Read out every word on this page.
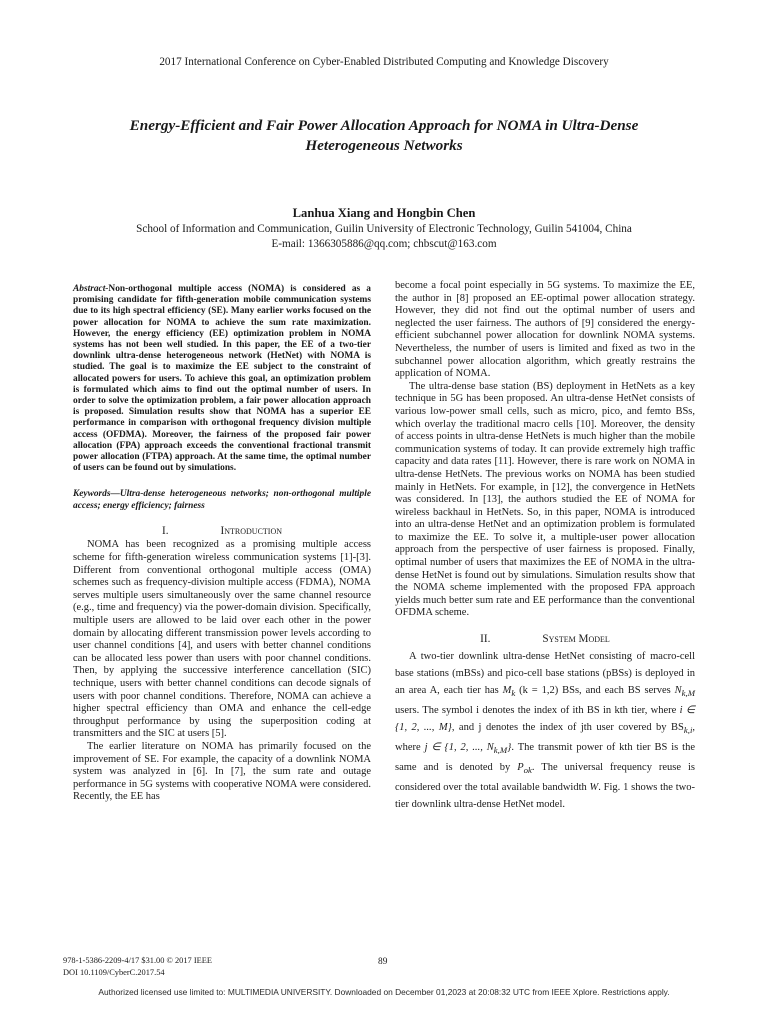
2017 International Conference on Cyber-Enabled Distributed Computing and Knowledge Discovery
Energy-Efficient and Fair Power Allocation Approach for NOMA in Ultra-Dense
Heterogeneous Networks
Lanhua Xiang and Hongbin Chen
School of Information and Communication, Guilin University of Electronic Technology, Guilin 541004, China
E-mail: 1366305886@qq.com; chbscut@163.com
Abstract-Non-orthogonal multiple access (NOMA) is considered as a promising candidate for fifth-generation mobile communication systems due to its high spectral efficiency (SE). Many earlier works focused on the power allocation for NOMA to achieve the sum rate maximization. However, the energy efficiency (EE) optimization problem in NOMA systems has not been well studied. In this paper, the EE of a two-tier downlink ultra-dense heterogeneous network (HetNet) with NOMA is studied. The goal is to maximize the EE subject to the constraint of allocated powers for users. To achieve this goal, an optimization problem is formulated which aims to find out the optimal number of users. In order to solve the optimization problem, a fair power allocation approach is proposed. Simulation results show that NOMA has a superior EE performance in comparison with orthogonal frequency division multiple access (OFDMA). Moreover, the fairness of the proposed fair power allocation (FPA) approach exceeds the conventional fractional transmit power allocation (FTPA) approach. At the same time, the optimal number of users can be found out by simulations.
Keywords—Ultra-dense heterogeneous networks; non-orthogonal multiple access; energy efficiency; fairness
I.	Introduction

NOMA has been recognized as a promising multiple access scheme for fifth-generation wireless communication systems [1]-[3]. Different from conventional orthogonal multiple access (OMA) schemes such as frequency-division multiple access (FDMA), NOMA serves multiple users simultaneously over the same channel resource (e.g., time and frequency) via the power-domain division. Specifically, multiple users are allowed to be laid over each other in the power domain by allocating different transmission power levels according to user channel conditions [4], and users with better channel conditions can be allocated less power than users with poor channel conditions. Then, by applying the successive interference cancellation (SIC) technique, users with better channel conditions can decode signals of users with poor channel conditions. Therefore, NOMA can achieve a higher spectral efficiency than OMA and enhance the cell-edge throughput performance by using the superposition coding at transmitters and the SIC at users [5].

The earlier literature on NOMA has primarily focused on the improvement of SE. For example, the capacity of a downlink NOMA system was analyzed in [6]. In [7], the sum rate and outage performance in 5G systems with cooperative NOMA were considered. Recently, the EE has

become a focal point especially in 5G systems. To maximize the EE, the author in [8] proposed an EE-optimal power allocation strategy. However, they did not find out the optimal number of users and neglected the user fairness. The authors of [9] considered the energy-efficient subchannel power allocation for downlink NOMA systems. Nevertheless, the number of users is limited and fixed as two in the subchannel power allocation algorithm, which greatly restrains the application of NOMA.

The ultra-dense base station (BS) deployment in HetNets as a key technique in 5G has been proposed. An ultra-dense HetNet consists of various low-power small cells, such as micro, pico, and femto BSs, which overlay the traditional macro cells [10]. Moreover, the density of access points in ultra-dense HetNets is much higher than the mobile communication systems of today. It can provide extremely high traffic capacity and data rates [11]. However, there is rare work on NOMA in ultra-dense HetNets. The previous works on NOMA has been studied mainly in HetNets. For example, in [12], the convergence in HetNets was considered. In [13], the authors studied the EE of NOMA for wireless backhaul in HetNets. So, in this paper, NOMA is introduced into an ultra-dense HetNet and an optimization problem is formulated to maximize the EE. To solve it, a multiple-user power allocation approach from the perspective of user fairness is proposed. Finally, optimal number of users that maximizes the EE of NOMA in the ultra-dense HetNet is found out by simulations. Simulation results show that the NOMA scheme implemented with the proposed FPA approach yields much better sum rate and EE performance than the conventional OFDMA scheme.

II.	System Model

A two-tier downlink ultra-dense HetNet consisting of macro-cell base stations (mBSs) and pico-cell base stations (pBSs) is deployed in an area A, each tier has $M_k$ (k = 1,2) BSs, and each BS serves $N_{k,M}$ users. The symbol i denotes the index of ith BS in kth tier, where i ∈ {1, 2, ..., M}, and j denotes the index of jth user covered by $BS_{k,i}$, where j ∈ {1, 2, ..., $N_{k,M}$}. The transmit power of kth tier BS is the same and is denoted by $P_{ok}$. The universal frequency reuse is considered over the total available bandwidth W. Fig. 1 shows the two-tier downlink ultra-dense HetNet model.

978-1-5386-2209-4/17 $31.00 © 2017 IEEE
DOI 10.1109/CyberC.2017.54
89
Authorized licensed use limited to: MULTIMEDIA UNIVERSITY. Downloaded on December 01,2023 at 20:08:32 UTC from IEEE Xplore. Restrictions apply.
